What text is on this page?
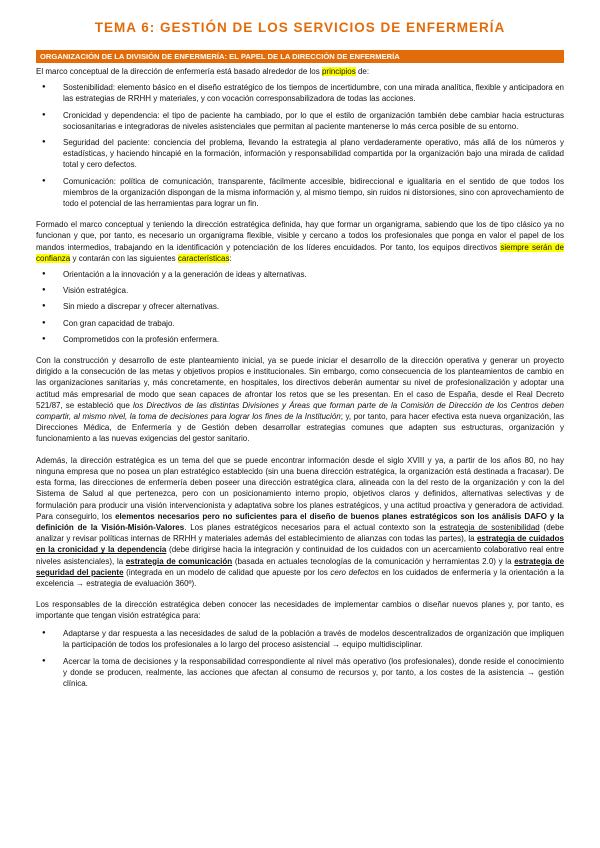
TEMA 6: GESTIÓN DE LOS SERVICIOS DE ENFERMERÍA
ORGANIZACIÓN DE LA DIVISIÓN DE ENFERMERÍA: EL PAPEL DE LA DIRECCIÓN DE ENFERMERÍA

El marco conceptual de la dirección de enfermería está basado alrededor de los principios de:

● Sostenibilidad: elemento básico en el diseño estratégico de los tiempos de incertidumbre, con una mirada analítica, flexible y anticipadora en las estrategias de RRHH y materiales, y con vocación corresponsabilizadora de todas las acciones.
● Cronicidad y dependencia: el tipo de paciente ha cambiado, por lo que el estilo de organización también debe cambiar hacia estructuras sociosanitarias e integradoras de niveles asistenciales que permitan al paciente mantenerse lo más cerca posible de su entorno.
● Seguridad del paciente: conciencia del problema, llevando la estrategia al plano verdaderamente operativo, más allá de los números y estadísticas, y haciendo hincapié en la formación, información y responsabilidad compartida por la organización bajo una mirada de calidad total y cero defectos.
● Comunicación: política de comunicación, transparente, fácilmente accesible, bidireccional e igualitaria en el sentido de que todos los miembros de la organización dispongan de la misma información y, al mismo tiempo, sin ruidos ni distorsiones, sino con aprovechamiento de todo el potencial de las herramientas para lograr un fin.

Formado el marco conceptual y teniendo la dirección estratégica definida, hay que formar un organigrama, sabiendo que los de tipo clásico ya no funcionan y que, por tanto, es necesario un organigrama flexible, visible y cercano a todos los profesionales que ponga en valor el papel de los mandos intermedios, trabajando en la identificación y potenciación de los líderes encuidados. Por tanto, los equipos directivos siempre serán de confianza y contarán con las siguientes características:

● Orientación a la innovación y a la generación de ideas y alternativas.
● Visión estratégica.
● Sin miedo a discrepar y ofrecer alternativas.
● Con gran capacidad de trabajo.
● Comprometidos con la profesión enfermera.

Con la construcción y desarrollo de este planteamiento inicial, ya se puede iniciar el desarrollo de la dirección operativa y generar un proyecto dirigido a la consecución de las metas y objetivos propios e institucionales. Sin embargo, como consecuencia de los planteamientos de cambio en las organizaciones sanitarias y, más concretamente, en hospitales, los directivos deberán aumentar su nivel de profesionalización y adoptar una actitud más empresarial de modo que sean capaces de afrontar los retos que se les presentan. En el caso de España, desde el Real Decreto 521/87, se estableció que los Directivos de las distintas Divisiones y Áreas que forman parte de la Comisión de Dirección de los Centros deben compartir, al mismo nivel, la toma de decisiones para lograr los fines de la Institución; y, por tanto, para hacer efectiva esta nueva organización, las Direcciones Médica, de Enfermería y de Gestión deben desarrollar estrategias comunes que adapten sus estructuras, organización y funcionamiento a las nuevas exigencias del gestor sanitario.

Además, la dirección estratégica es un tema del que se puede encontrar información desde el siglo XVIII y ya, a partir de los años 80, no hay ninguna empresa que no posea un plan estratégico establecido (sin una buena dirección estratégica, la organización está destinada a fracasar). De esta forma, las direcciones de enfermería deben poseer una dirección estratégica clara, alineada con la del resto de la organización y con la del Sistema de Salud al que pertenezca, pero con un posicionamiento interno propio, objetivos claros y definidos, alternativas selectivas y de formulación para producir una visión intervencionista y adaptativa sobre los planes estratégicos, y una actitud proactiva y generadora de actividad. Para conseguirlo, los elementos necesarios pero no suficientes para el diseño de buenos planes estratégicos son los análisis DAFO y la definición de la Visión-Misión-Valores. Los planes estratégicos necesarios para el actual contexto son la estrategia de sostenibilidad (debe analizar y revisar políticas internas de RRHH y materiales además del establecimiento de alianzas con todas las partes), la estrategia de cuidados en la cronicidad y la dependencia (debe dirigirse hacia la integración y continuidad de los cuidados con un acercamiento colaborativo real entre niveles asistenciales), la estrategia de comunicación (basada en actuales tecnologías de la comunicación y herramientas 2.0) y la estrategia de seguridad del paciente (integrada en un modelo de calidad que apueste por los cero defectos en los cuidados de enfermería y la orientación a la excelencia → estrategia de evaluación 360º).

Los responsables de la dirección estratégica deben conocer las necesidades de implementar cambios o diseñar nuevos planes y, por tanto, es importante que tengan visión estratégica para:

● Adaptarse y dar respuesta a las necesidades de salud de la población a través de modelos descentralizados de organización que impliquen la participación de todos los profesionales a lo largo del proceso asistencial → equipo multidisciplinar.
● Acercar la toma de decisiones y la responsabilidad correspondiente al nivel más operativo (los profesionales), donde reside el conocimiento y donde se producen, realmente, las acciones que afectan al consumo de recursos y, por tanto, a los costes de la asistencia → gestión clínica.
